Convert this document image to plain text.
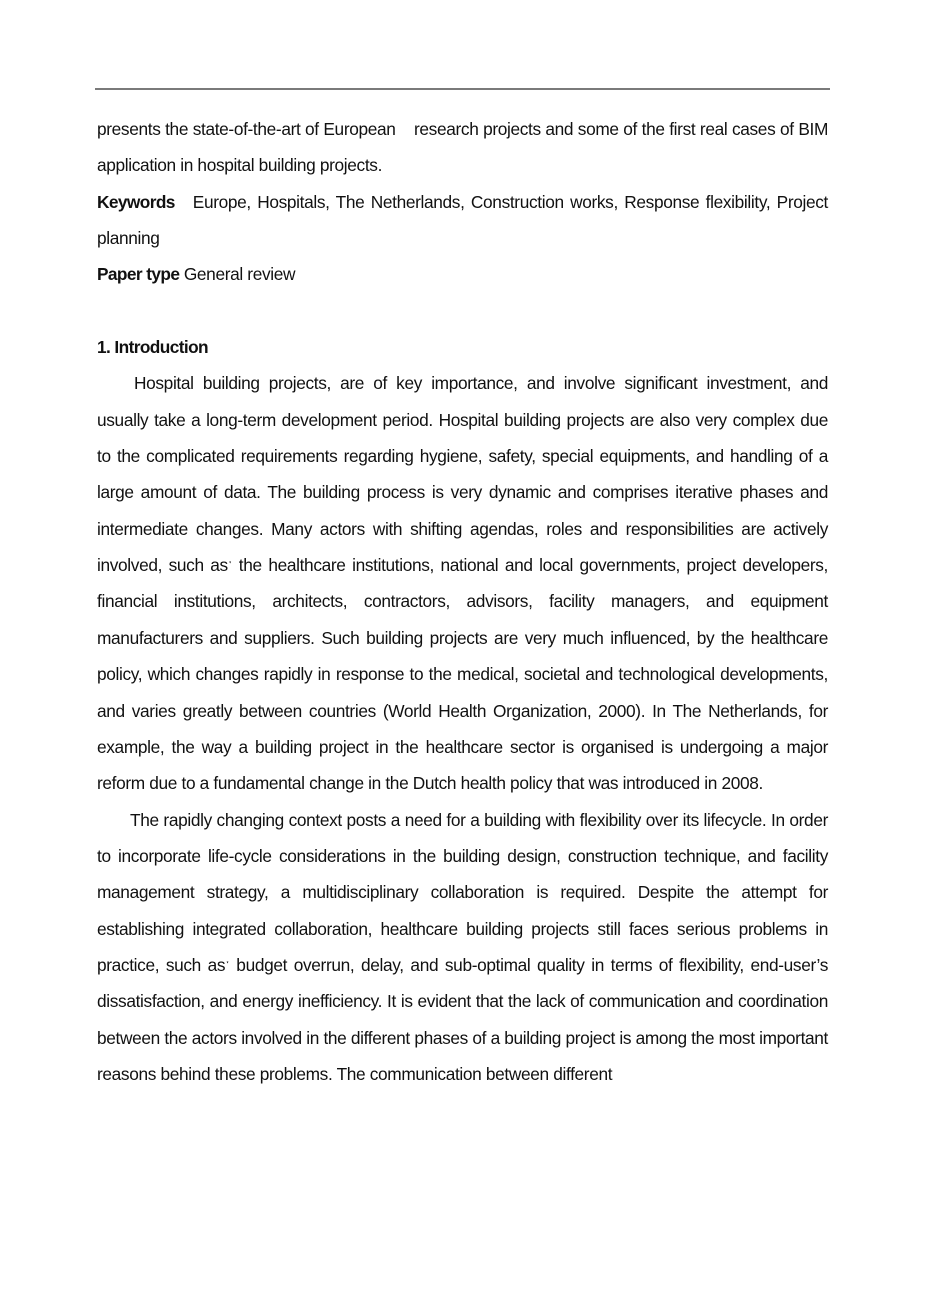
presents the state-of-the-art of European    research projects and some of the first real cases of BIM application in hospital building projects.

Keywords Europe, Hospitals, The Netherlands, Construction works, Response flexibility, Project planning

Paper type General review

1. Introduction

Hospital building projects, are of key importance, and involve significant investment, and usually take a long-term development period. Hospital building projects are also very complex due to the complicated requirements regarding hygiene, safety, special equipments, and handling of a large amount of data. The building process is very dynamic and comprises iterative phases and intermediate changes. Many actors with shifting agendas, roles and responsibilities are actively involved, such asˑ the healthcare institutions, national and local governments, project developers, financial institutions, architects, contractors, advisors, facility managers, and equipment manufacturers and suppliers. Such building projects are very much influenced, by the healthcare policy, which changes rapidly in response to the medical, societal and technological developments, and varies greatly between countries (World Health Organization, 2000). In The Netherlands, for example, the way a building project in the healthcare sector is organised is undergoing a major reform due to a fundamental change in the Dutch health policy that was introduced in 2008.

The rapidly changing context posts a need for a building with flexibility over its lifecycle. In order to incorporate life-cycle considerations in the building design, construction technique, and facility management strategy, a multidisciplinary collaboration is required. Despite the attempt for establishing integrated collaboration, healthcare building projects still faces serious problems in practice, such asˑ budget overrun, delay, and sub-optimal quality in terms of flexibility, end-user’s dissatisfaction, and energy inefficiency. It is evident that the lack of communication and coordination between the actors involved in the different phases of a building project is among the most important reasons behind these problems. The communication between different
